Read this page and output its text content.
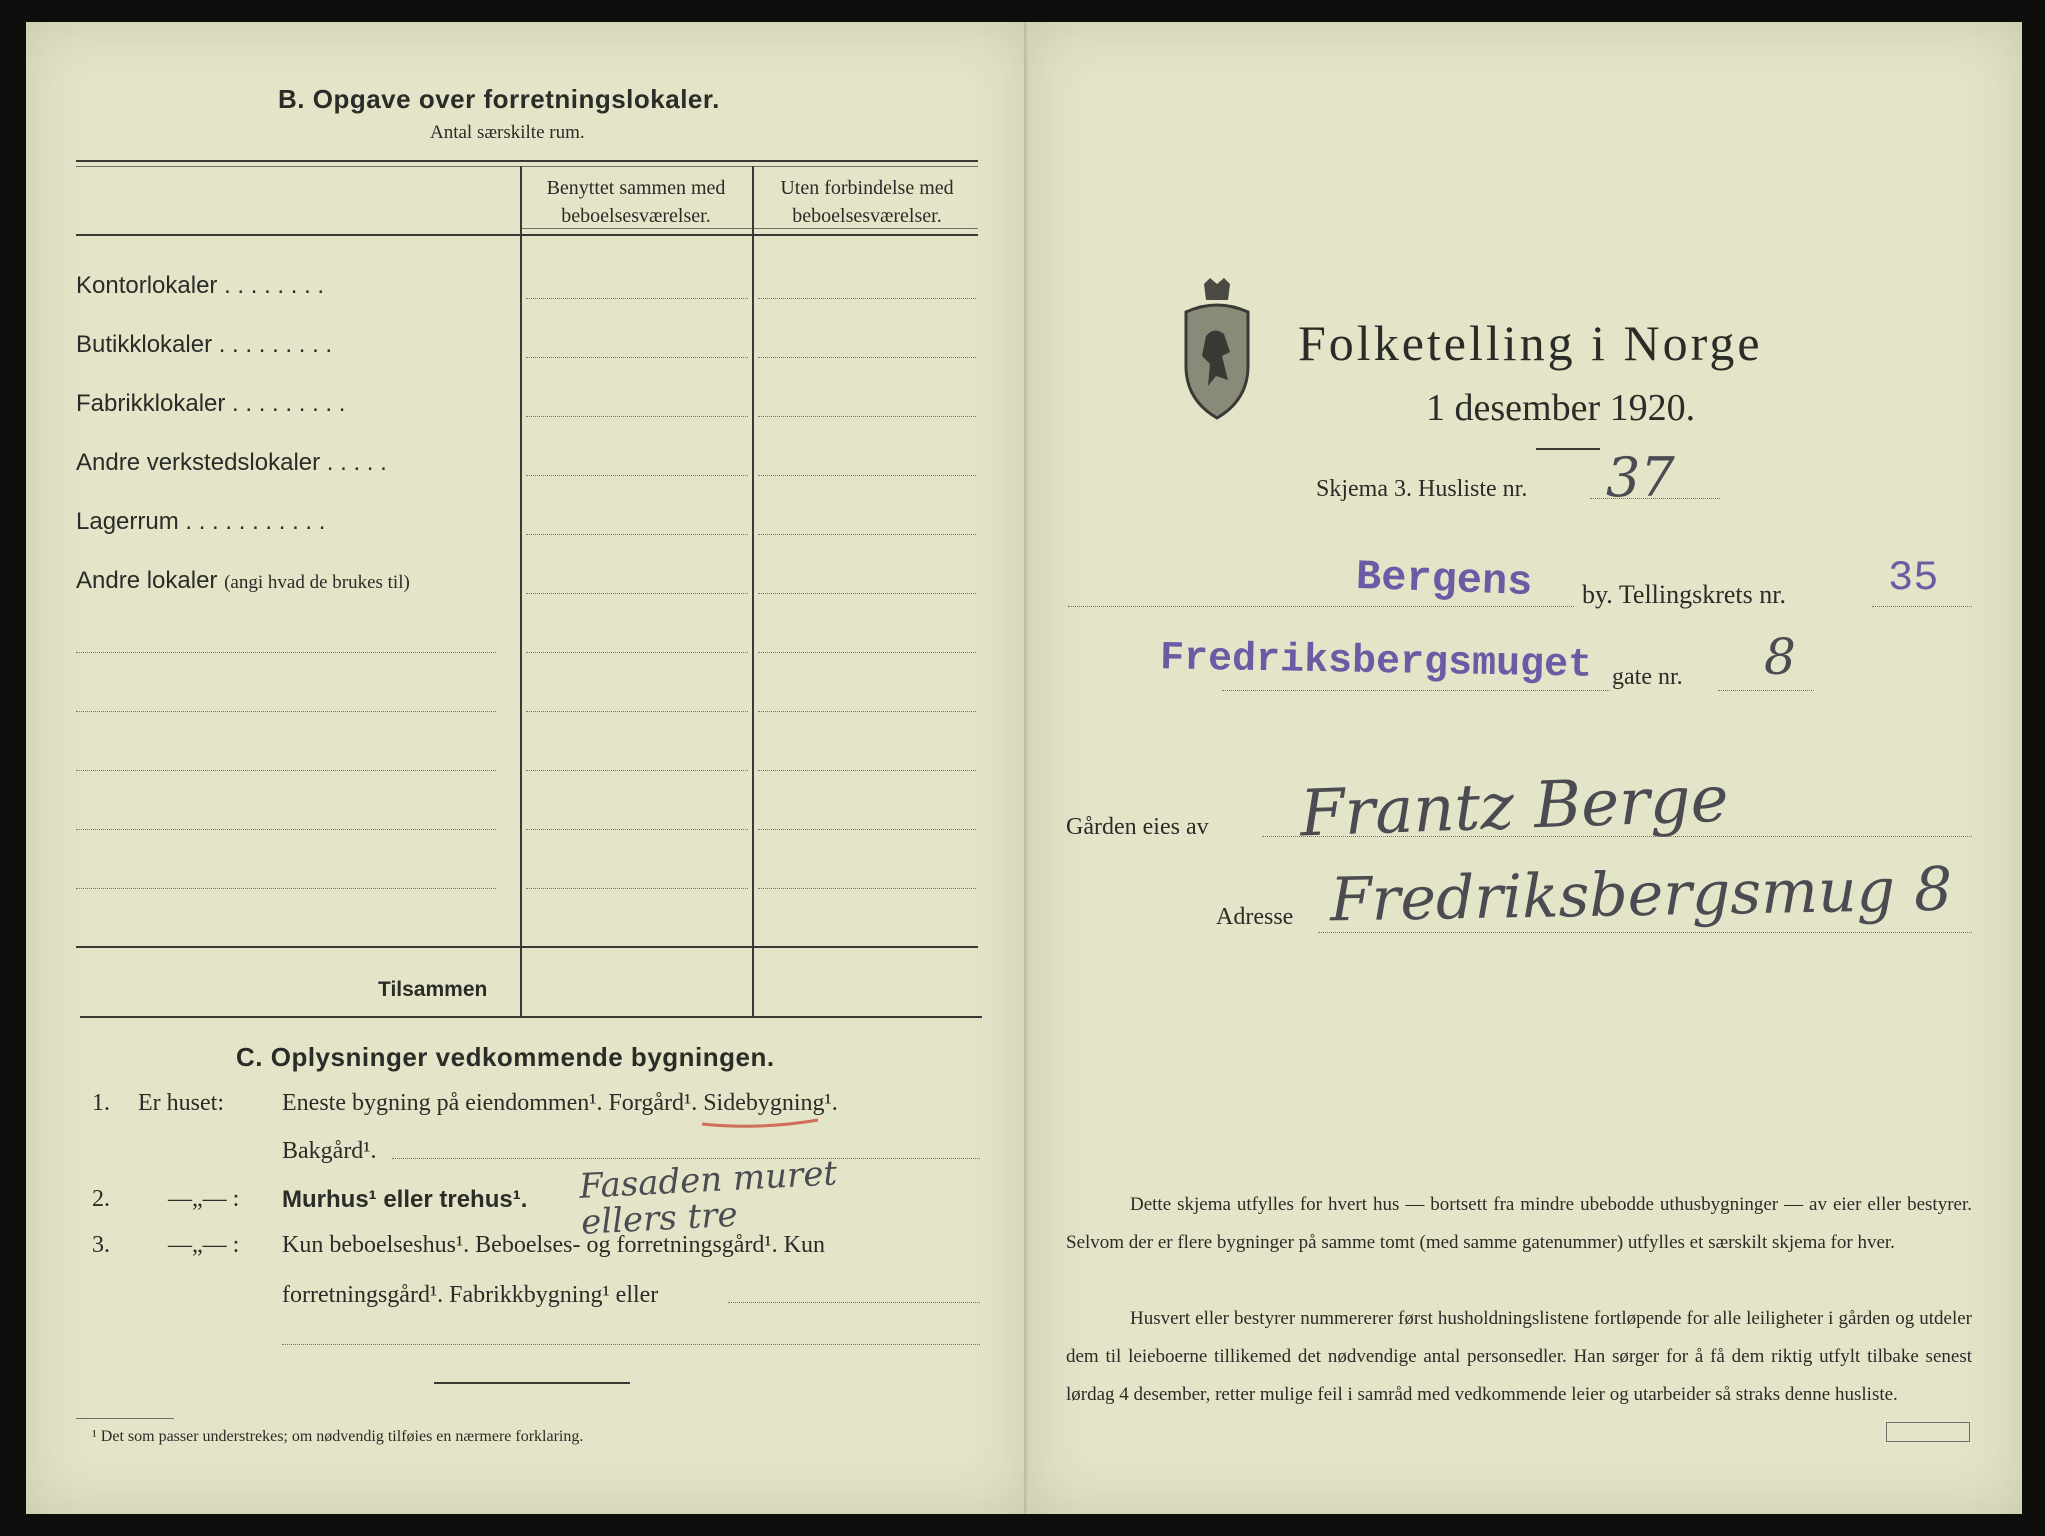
B. Opgave over forretningslokaler.
Antal særskilte rum.
Benyttet sammen med beboelsesværelser.
Uten forbindelse med beboelsesværelser.
Kontorlokaler . . . . . . . .
Butikklokaler . . . . . . . . .
Fabrikklokaler . . . . . . . . .
Andre verkstedslokaler . . . . .
Lagerrum . . . . . . . . . . .
Andre lokaler (angi hvad de brukes til)
Tilsammen
C. Oplysninger vedkommende bygningen.
1. Er huset: Eneste bygning på eiendommen¹. Forgård¹. Sidebygning¹.
Bakgård¹.
2. —„— : Murhus¹ eller trehus¹. Fasaden muret ellers tre
3. —„— : Kun beboelseshus¹. Beboelses- og forretningsgård¹. Kun
forretningsgård¹. Fabrikkbygning¹ eller
¹ Det som passer understrekes; om nødvendig tilføies en nærmere forklaring.
Folketelling i Norge
1 desember 1920.
Skjema 3. Husliste nr. 37
Bergens by. Tellingskrets nr. 35
Fredriksbergsmuget gate nr. 8
Gården eies av Frantz Berge
Adresse Fredriksbergsmug 8
Dette skjema utfylles for hvert hus — bortsett fra mindre ubebodde uthusbygninger — av eier eller bestyrer. Selvom der er flere bygninger på samme tomt (med samme gatenummer) utfylles et særskilt skjema for hver.
Husvert eller bestyrer nummererer først husholdningslistene fortløpende for alle leiligheter i gården og utdeler dem til leieboerne tillikemed det nødvendige antal personsedler. Han sørger for å få dem riktig utfylt tilbake senest lørdag 4 desember, retter mulige feil i samråd med vedkommende leier og utarbeider så straks denne husliste.
